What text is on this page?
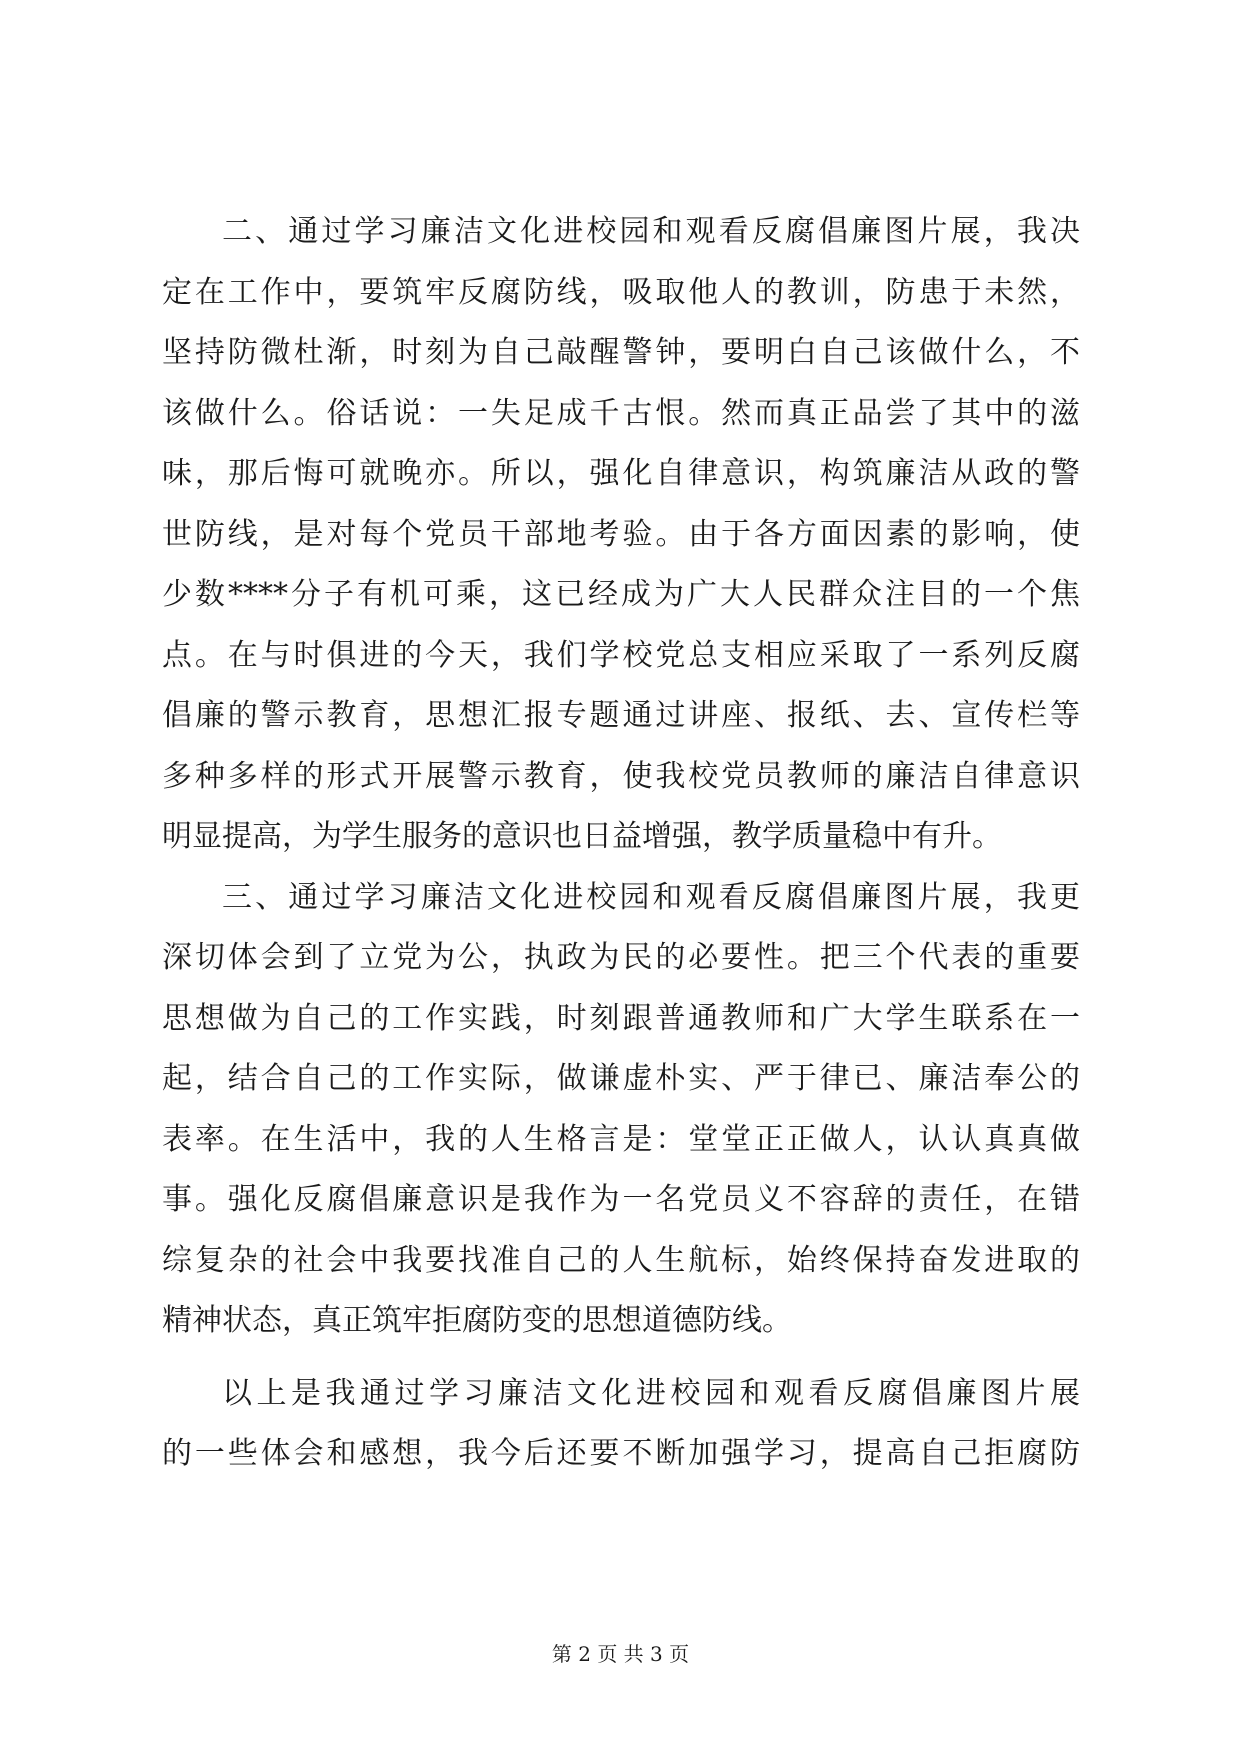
二、通过学习廉洁文化进校园和观看反腐倡廉图片展，我决
定在工作中，要筑牢反腐防线，吸取他人的教训，防患于未然，
坚持防微杜渐，时刻为自己敲醒警钟，要明白自己该做什么，不
该做什么。俗话说：一失足成千古恨。然而真正品尝了其中的滋
味，那后悔可就晚亦。所以，强化自律意识，构筑廉洁从政的警
世防线，是对每个党员干部地考验。由于各方面因素的影响，使
少数****分子有机可乘，这已经成为广大人民群众注目的一个焦
点。在与时俱进的今天，我们学校党总支相应采取了一系列反腐
倡廉的警示教育，思想汇报专题通过讲座、报纸、去、宣传栏等
多种多样的形式开展警示教育，使我校党员教师的廉洁自律意识
明显提高，为学生服务的意识也日益增强，教学质量稳中有升。
三、通过学习廉洁文化进校园和观看反腐倡廉图片展，我更
深切体会到了立党为公，执政为民的必要性。把三个代表的重要
思想做为自己的工作实践，时刻跟普通教师和广大学生联系在一
起，结合自己的工作实际，做谦虚朴实、严于律已、廉洁奉公的
表率。在生活中，我的人生格言是：堂堂正正做人，认认真真做
事。强化反腐倡廉意识是我作为一名党员义不容辞的责任，在错
综复杂的社会中我要找准自己的人生航标，始终保持奋发进取的
精神状态，真正筑牢拒腐防变的思想道德防线。
以上是我通过学习廉洁文化进校园和观看反腐倡廉图片展
的一些体会和感想，我今后还要不断加强学习，提高自己拒腐防
第 2 页 共 3 页
